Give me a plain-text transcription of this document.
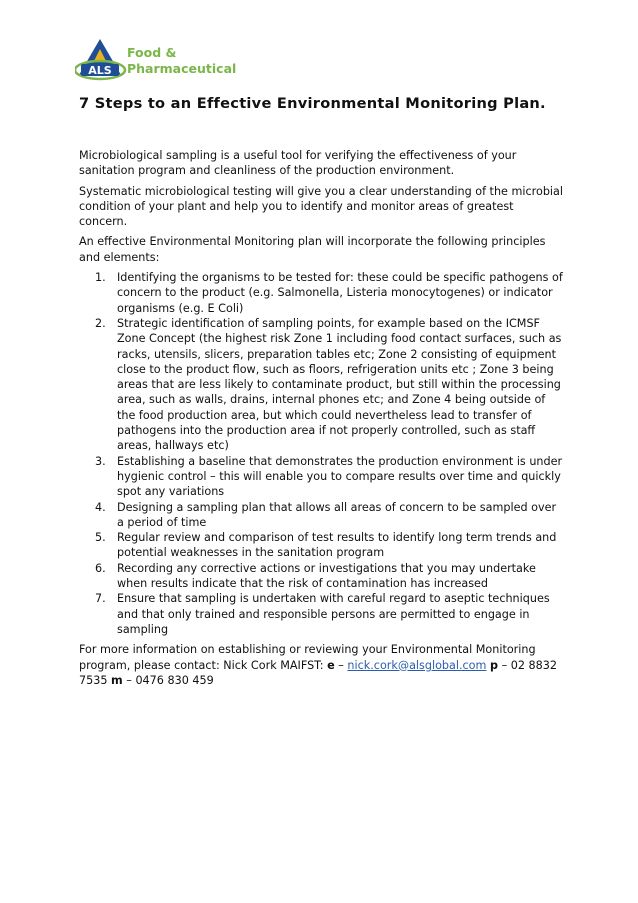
ALS
Food &
Pharmaceutical
7 Steps to an Effective Environmental Monitoring Plan.

Microbiological sampling is a useful tool for verifying the effectiveness of your sanitation program and cleanliness of the production environment.

Systematic microbiological testing will give you a clear understanding of the microbial condition of your plant and help you to identify and monitor areas of greatest concern.

An effective Environmental Monitoring plan will incorporate the following principles and elements:

1. Identifying the organisms to be tested for: these could be specific pathogens of concern to the product (e.g. Salmonella, Listeria monocytogenes) or indicator organisms (e.g. E Coli)
2. Strategic identification of sampling points, for example based on the ICMSF Zone Concept (the highest risk Zone 1 including food contact surfaces, such as racks, utensils, slicers, preparation tables etc; Zone 2 consisting of equipment close to the product flow, such as floors, refrigeration units etc ; Zone 3 being areas that are less likely to contaminate product, but still within the processing area, such as walls, drains, internal phones etc; and Zone 4 being outside of the food production area, but which could nevertheless lead to transfer of pathogens into the production area if not properly controlled, such as staff areas, hallways etc)
3. Establishing a baseline that demonstrates the production environment is under hygienic control – this will enable you to compare results over time and quickly spot any variations
4. Designing a sampling plan that allows all areas of concern to be sampled over a period of time
5. Regular review and comparison of test results to identify long term trends and potential weaknesses in the sanitation program
6. Recording any corrective actions or investigations that you may undertake when results indicate that the risk of contamination has increased
7. Ensure that sampling is undertaken with careful regard to aseptic techniques and that only trained and responsible persons are permitted to engage in sampling

For more information on establishing or reviewing your Environmental Monitoring program, please contact: Nick Cork MAIFST: e – nick.cork@alsglobal.com p – 02 8832 7535 m – 0476 830 459
